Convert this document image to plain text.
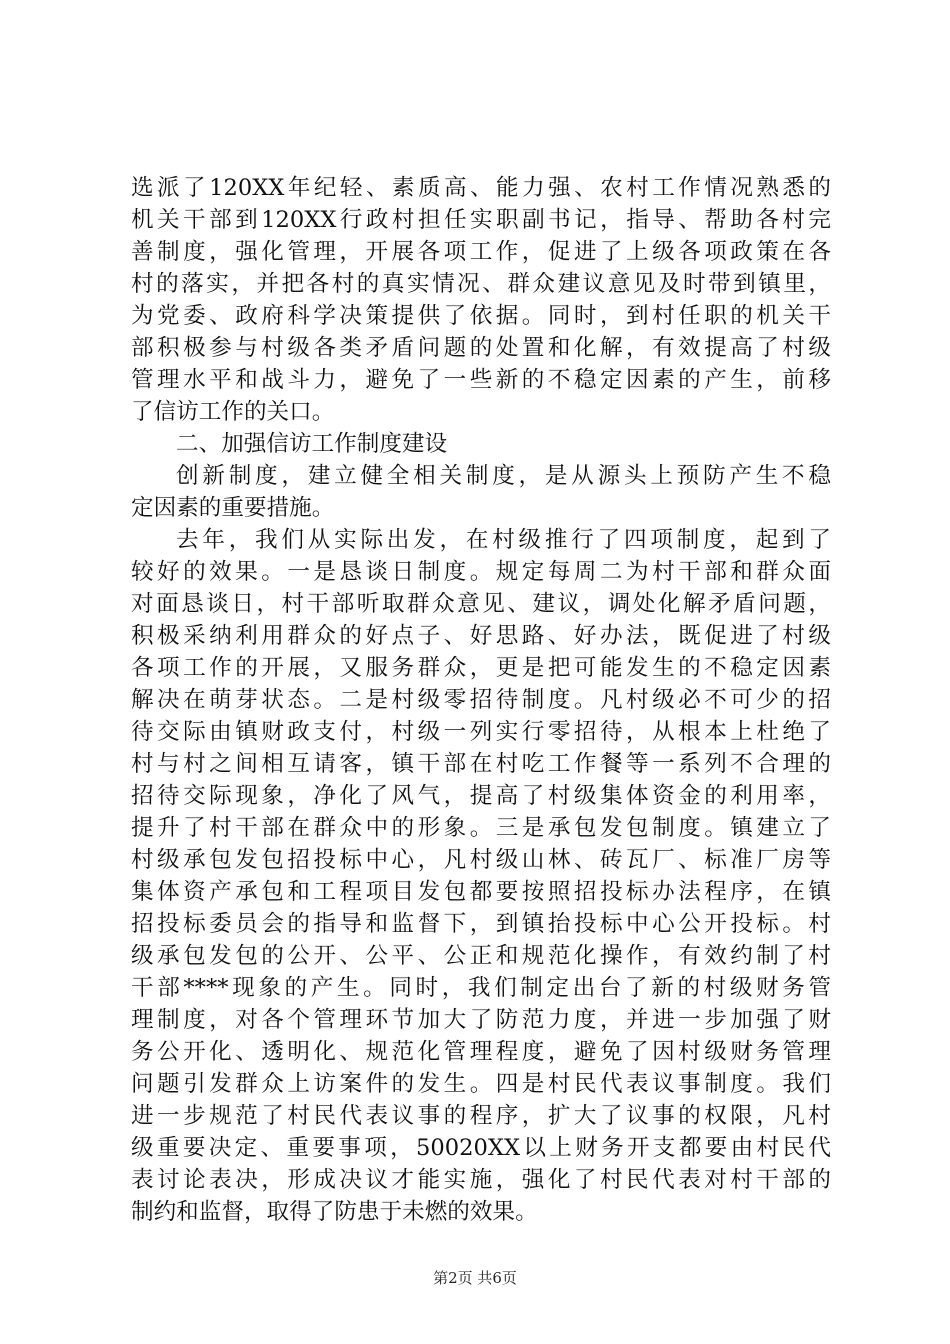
选派了120XX年纪轻、素质高、能力强、农村工作情况熟悉的
机关干部到120XX行政村担任实职副书记，指导、帮助各村完
善制度，强化管理，开展各项工作，促进了上级各项政策在各
村的落实，并把各村的真实情况、群众建议意见及时带到镇里，
为党委、政府科学决策提供了依据。同时，到村任职的机关干
部积极参与村级各类矛盾问题的处置和化解，有效提高了村级
管理水平和战斗力，避免了一些新的不稳定因素的产生，前移
了信访工作的关口。
二、加强信访工作制度建设
创新制度，建立健全相关制度，是从源头上预防产生不稳
定因素的重要措施。
去年，我们从实际出发，在村级推行了四项制度，起到了
较好的效果。一是恳谈日制度。规定每周二为村干部和群众面
对面恳谈日，村干部听取群众意见、建议，调处化解矛盾问题，
积极采纳利用群众的好点子、好思路、好办法，既促进了村级
各项工作的开展，又服务群众，更是把可能发生的不稳定因素
解决在萌芽状态。二是村级零招待制度。凡村级必不可少的招
待交际由镇财政支付，村级一列实行零招待，从根本上杜绝了
村与村之间相互请客，镇干部在村吃工作餐等一系列不合理的
招待交际现象，净化了风气，提高了村级集体资金的利用率，
提升了村干部在群众中的形象。三是承包发包制度。镇建立了
村级承包发包招投标中心，凡村级山林、砖瓦厂、标准厂房等
集体资产承包和工程项目发包都要按照招投标办法程序，在镇
招投标委员会的指导和监督下，到镇抬投标中心公开投标。村
级承包发包的公开、公平、公正和规范化操作，有效约制了村
干部****现象的产生。同时，我们制定出台了新的村级财务管
理制度，对各个管理环节加大了防范力度，并进一步加强了财
务公开化、透明化、规范化管理程度，避免了因村级财务管理
问题引发群众上访案件的发生。四是村民代表议事制度。我们
进一步规范了村民代表议事的程序，扩大了议事的权限，凡村
级重要决定、重要事项，50020XX以上财务开支都要由村民代
表讨论表决，形成决议才能实施，强化了村民代表对村干部的
制约和监督，取得了防患于未燃的效果。
第2页 共6页
